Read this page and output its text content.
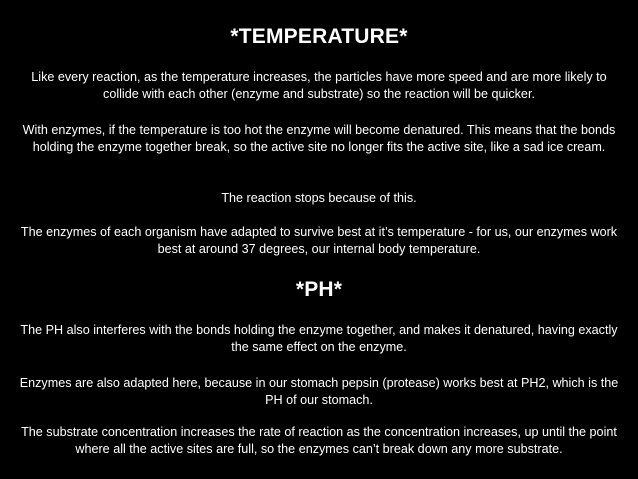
*TEMPERATURE*
Like every reaction, as the temperature increases, the particles have more speed and are more likely to collide with each other (enzyme and substrate) so the reaction will be quicker.
With enzymes, if the temperature is too hot the enzyme will become denatured. This means that the bonds holding the enzyme together break, so the active site no longer fits the active site, like a sad ice cream.
The reaction stops because of this.
The enzymes of each organism have adapted to survive best at it’s temperature - for us, our enzymes work best at around 37 degrees, our internal body temperature.
*PH*
The PH also interferes with the bonds holding the enzyme together, and makes it denatured, having exactly the same effect on the enzyme.
Enzymes are also adapted here, because in our stomach pepsin (protease) works best at PH2, which is the PH of our stomach.
The substrate concentration increases the rate of reaction as the concentration increases, up until the point where all the active sites are full, so the enzymes can’t break down any more substrate.
